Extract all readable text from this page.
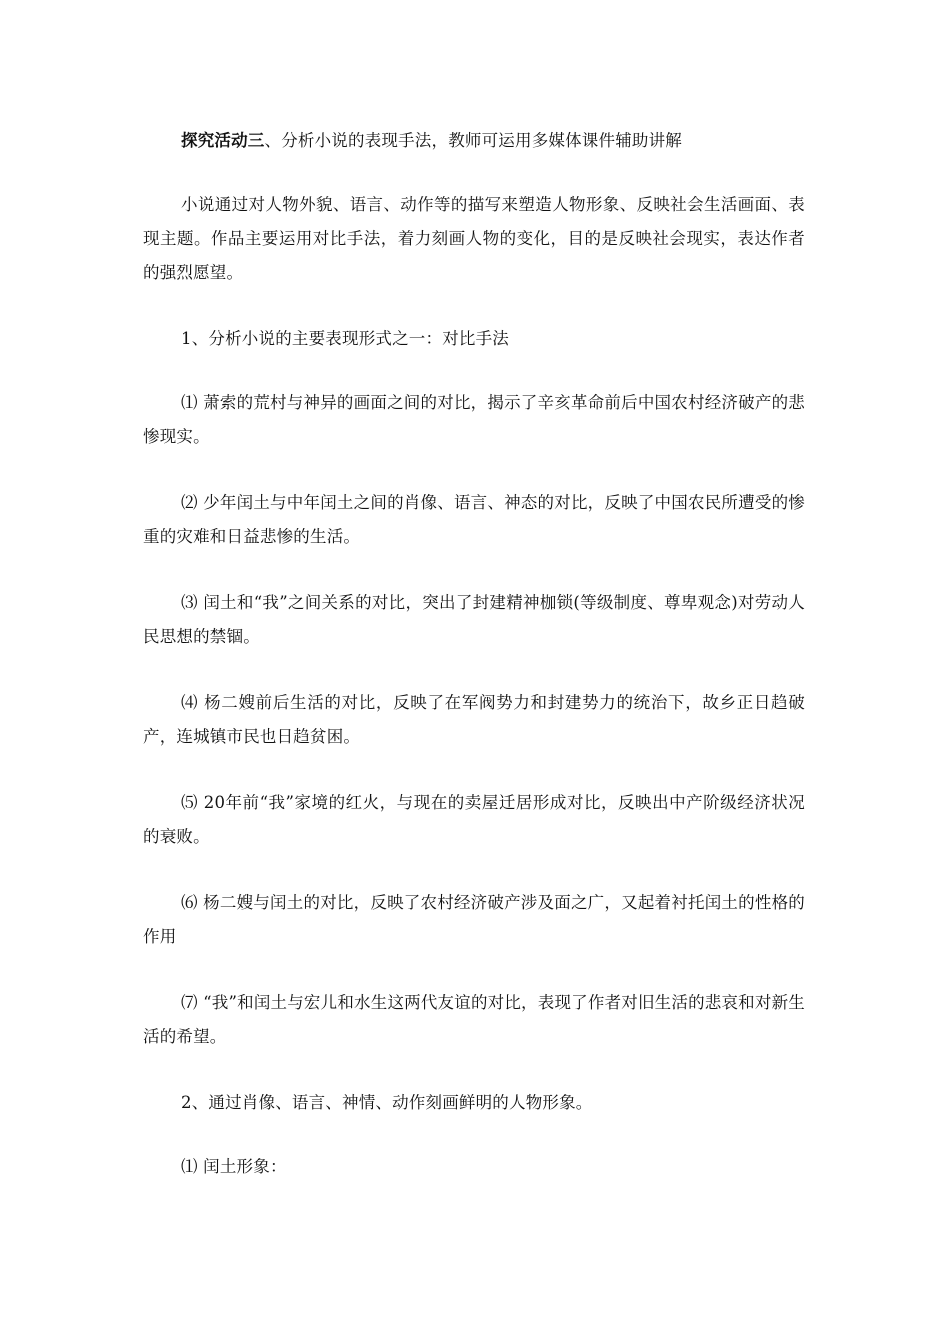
探究活动三、分析小说的表现手法，教师可运用多媒体课件辅助讲解

小说通过对人物外貌、语言、动作等的描写来塑造人物形象、反映社会生活画面、表现主题。作品主要运用对比手法，着力刻画人物的变化，目的是反映社会现实，表达作者的强烈愿望。

1、分析小说的主要表现形式之一：对比手法

⑴ 萧索的荒村与神异的画面之间的对比，揭示了辛亥革命前后中国农村经济破产的悲惨现实。

⑵ 少年闰土与中年闰土之间的肖像、语言、神态的对比，反映了中国农民所遭受的惨重的灾难和日益悲惨的生活。

⑶ 闰土和“我”之间关系的对比，突出了封建精神枷锁(等级制度、尊卑观念)对劳动人民思想的禁锢。

⑷ 杨二嫂前后生活的对比，反映了在军阀势力和封建势力的统治下，故乡正日趋破产，连城镇市民也日趋贫困。

⑸ 20年前“我”家境的红火，与现在的卖屋迁居形成对比，反映出中产阶级经济状况的衰败。

⑹ 杨二嫂与闰土的对比，反映了农村经济破产涉及面之广，又起着衬托闰土的性格的作用

⑺ “我”和闰土与宏儿和水生这两代友谊的对比，表现了作者对旧生活的悲哀和对新生活的希望。

2、通过肖像、语言、神情、动作刻画鲜明的人物形象。

⑴ 闰土形象：
